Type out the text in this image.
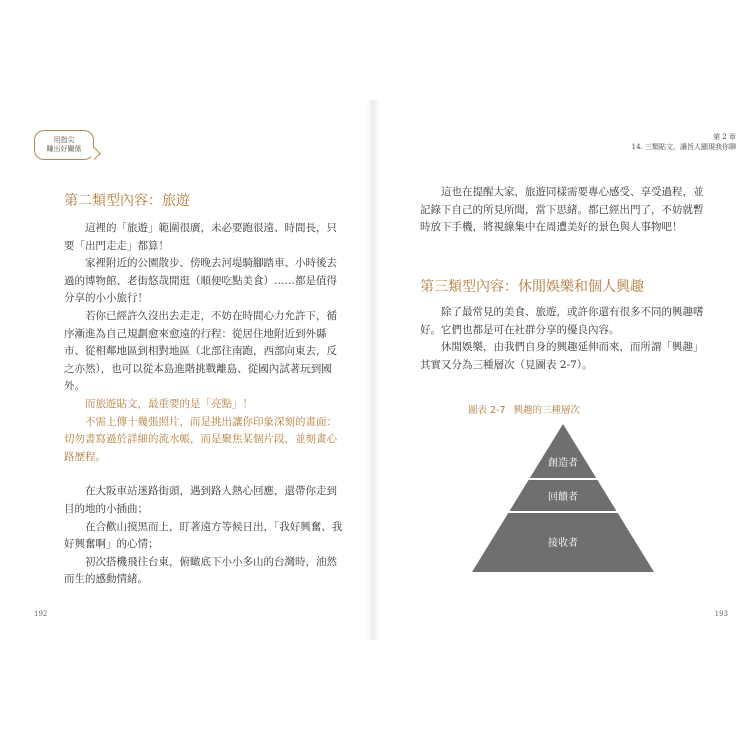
用指尖
賺出好關係
第二類型內容：旅遊

這裡的「旅遊」範圍很廣，未必要跑很遠、時間長，只要「出門走走」都算！

家裡附近的公園散步、傍晚去河堤騎腳踏車、小時後去過的博物館、老街悠哉閒逛（順便吃點美食）……都是值得分享的小小旅行！

若你已經許久沒出去走走，不妨在時間心力允許下，循序漸進為自己規劃愈來愈遠的行程：從居住地附近到外縣市、從相鄰地區到相對地區（北部往南跑，西部向東去，反之亦然），也可以從本島進階挑戰離島、從國內試著玩到國外。

而旅遊貼文，最重要的是「亮點」！

不需上傳十幾張照片，而是挑出讓你印象深刻的畫面：切勿書寫過於詳細的流水帳，而是聚焦某個片段，並刻畫心路歷程。

在大阪車站迷路街頭，遇到路人熱心回應，還帶你走到目的地的小插曲；

在合歡山摸黑而上，盯著遠方等候日出，「我好興奮、我好興奮啊」的心情；

初次搭機飛往台東，俯瞰底下小小多山的台灣時，油然而生的感動情緒。

192
第 2 章
14. 三類貼文，讓旨人顯現我你聊

這也在提醒大家，旅遊同樣需要專心感受、享受過程，並記錄下自己的所見所聞，當下思緒。都已經出門了，不妨就暫時放下手機，將視線集中在周遭美好的景色與人事物吧！

第三類型內容：休閒娛樂和個人興趣

除了最常見的美食、旅遊，或許你還有很多不同的興趣嗜好。它們也都是可在社群分享的優良內容。

休閒娛樂，由我們自身的興趣延伸而來，而所謂「興趣」其實又分為三種層次（見圖表 2-7）。

圖表 2-7 興趣的三種層次
創造者
回饋者
接收者
193
